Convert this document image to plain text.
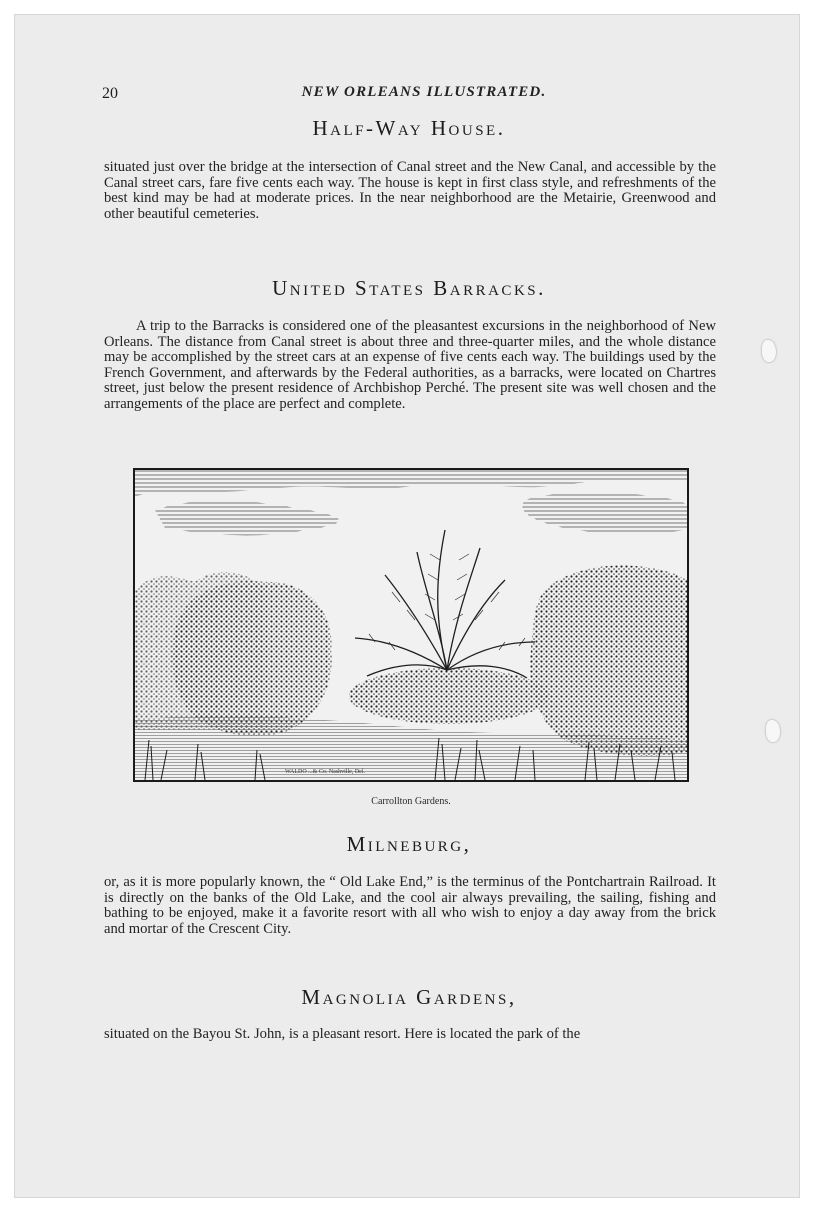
20	NEW ORLEANS ILLUSTRATED.
Half-Way House.

situated just over the bridge at the intersection of Canal street and the New Canal, and accessible by the Canal street cars, fare five cents each way. The house is kept in first class style, and refreshments of the best kind may be had at moderate prices. In the near neighborhood are the Metairie, Greenwood and other beautiful cemeteries.

United States Barracks.

A trip to the Barracks is considered one of the pleasantest excursions in the neighborhood of New Orleans. The distance from Canal street is about three and three-quarter miles, and the whole distance may be accomplished by the street cars at an expense of five cents each way. The buildings used by the French Government, and afterwards by the Federal authorities, as a barracks, were located on Chartres street, just below the present residence of Archbishop Perché. The present site was well chosen and the arrangements of the place are perfect and complete.

WALDO ...& Co. Nashville, Del.
Carrollton Gardens.
Milneburg,

or, as it is more popularly known, the “ Old Lake End,” is the terminus of the Pontchartrain Railroad. It is directly on the banks of the Old Lake, and the cool air always prevailing, the sailing, fishing and bathing to be enjoyed, make it a favorite resort with all who wish to enjoy a day away from the brick and mortar of the Crescent City.

Magnolia Gardens,

situated on the Bayou St. John, is a pleasant resort. Here is located the park of the
